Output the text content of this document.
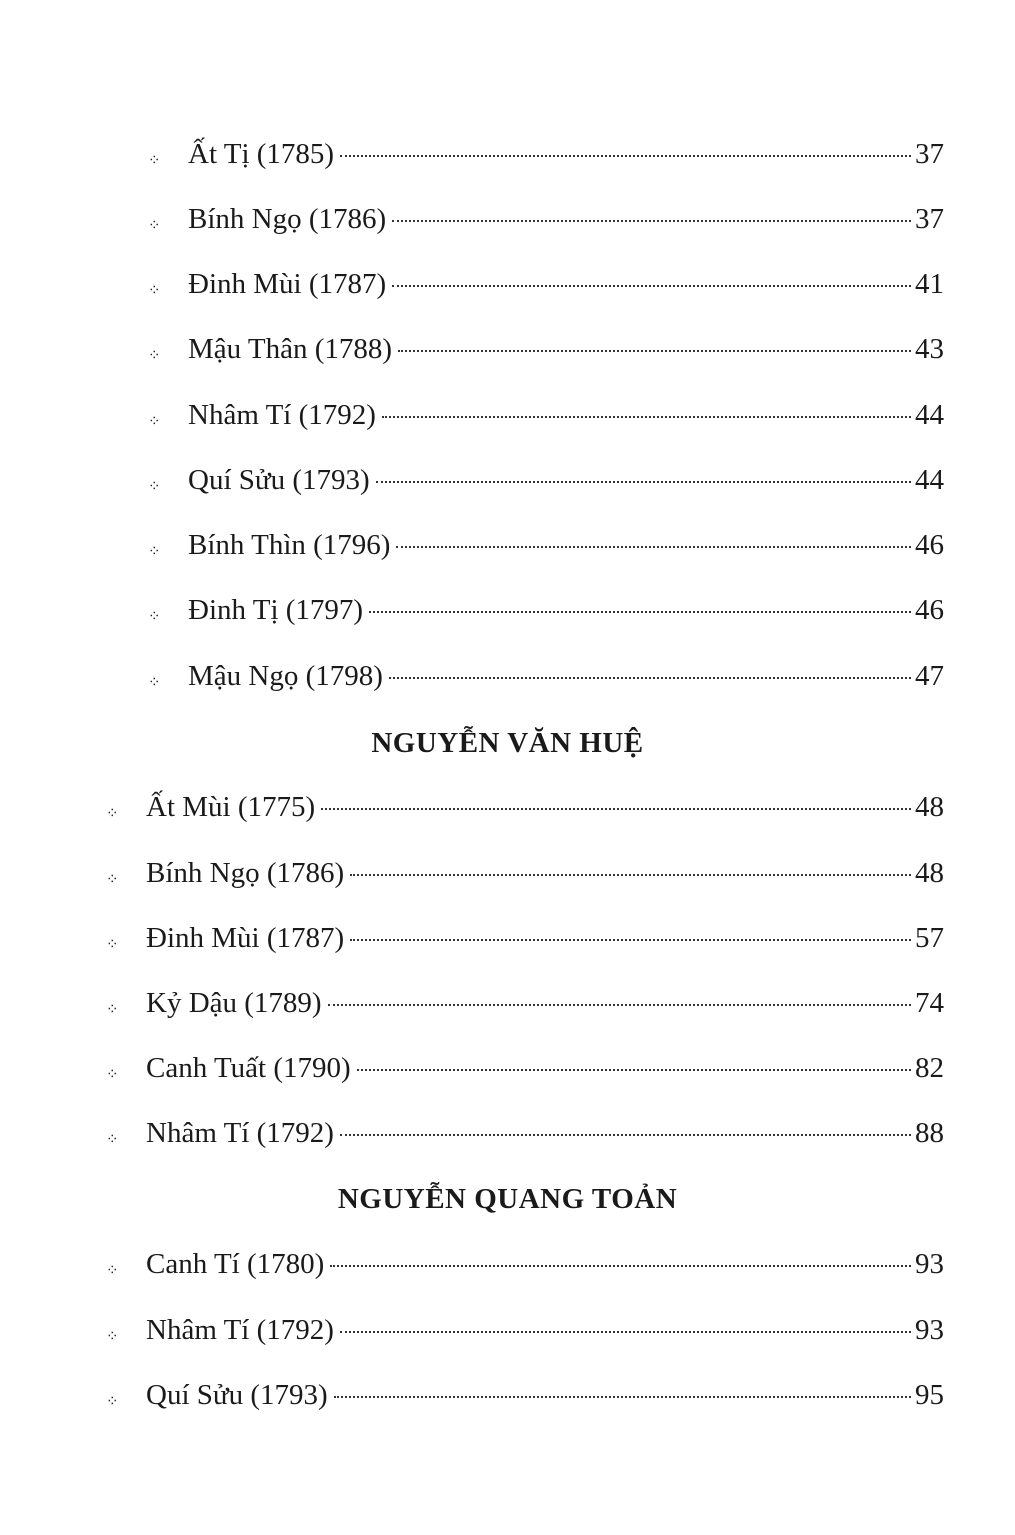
⁘ Ất Tị (1785)	37
⁘ Bính Ngọ (1786)	37
⁘ Đinh Mùi (1787)	41
⁘ Mậu Thân (1788)	43
⁘ Nhâm Tí (1792)	44
⁘ Quí Sửu (1793)	44
⁘ Bính Thìn (1796)	46
⁘ Đinh Tị (1797)	46
⁘ Mậu Ngọ (1798)	47
NGUYỄN VĂN HUỆ
⁘ Ất Mùi (1775)	48
⁘ Bính Ngọ (1786)	48
⁘ Đinh Mùi (1787)	57
⁘ Kỷ Dậu (1789)	74
⁘ Canh Tuất (1790)	82
⁘ Nhâm Tí (1792)	88
NGUYỄN QUANG TOẢN
⁘ Canh Tí (1780)	93
⁘ Nhâm Tí (1792)	93
⁘ Quí Sửu (1793)	95
